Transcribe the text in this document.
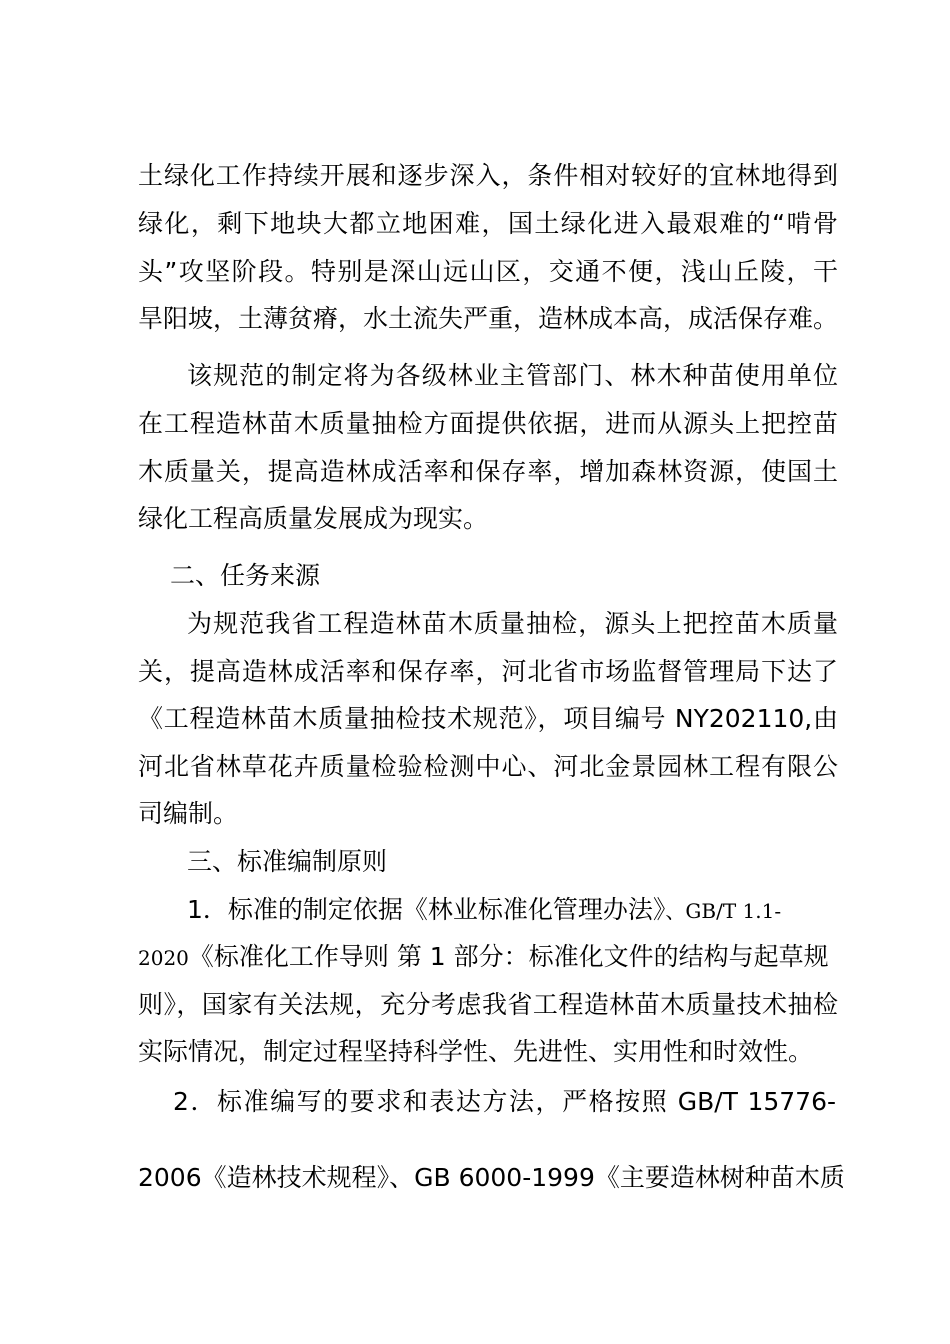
土绿化工作持续开展和逐步深入，条件相对较好的宜林地得到
绿化，剩下地块大都立地困难，国土绿化进入最艰难的“啃骨
头”攻坚阶段。特别是深山远山区，交通不便，浅山丘陵，干
旱阳坡，土薄贫瘠，水土流失严重，造林成本高，成活保存难。
该规范的制定将为各级林业主管部门、林木种苗使用单位
在工程造林苗木质量抽检方面提供依据，进而从源头上把控苗
木质量关，提高造林成活率和保存率，增加森林资源，使国土
绿化工程高质量发展成为现实。
二、任务来源
为规范我省工程造林苗木质量抽检，源头上把控苗木质量
关，提高造林成活率和保存率，河北省市场监督管理局下达了
《工程造林苗木质量抽检技术规范》，项目编号 NY202110,由
河北省林草花卉质量检验检测中心、河北金景园林工程有限公
司编制。
三、标准编制原则
1．标准的制定依据《林业标准化管理办法》、GB/T 1.1-
2020《标准化工作导则 第 1 部分：标准化文件的结构与起草规
则》，国家有关法规，充分考虑我省工程造林苗木质量技术抽检
实际情况，制定过程坚持科学性、先进性、实用性和时效性。
2．标准编写的要求和表达方法，严格按照 GB/T 15776-
2006《造林技术规程》、GB 6000-1999《主要造林树种苗木质
